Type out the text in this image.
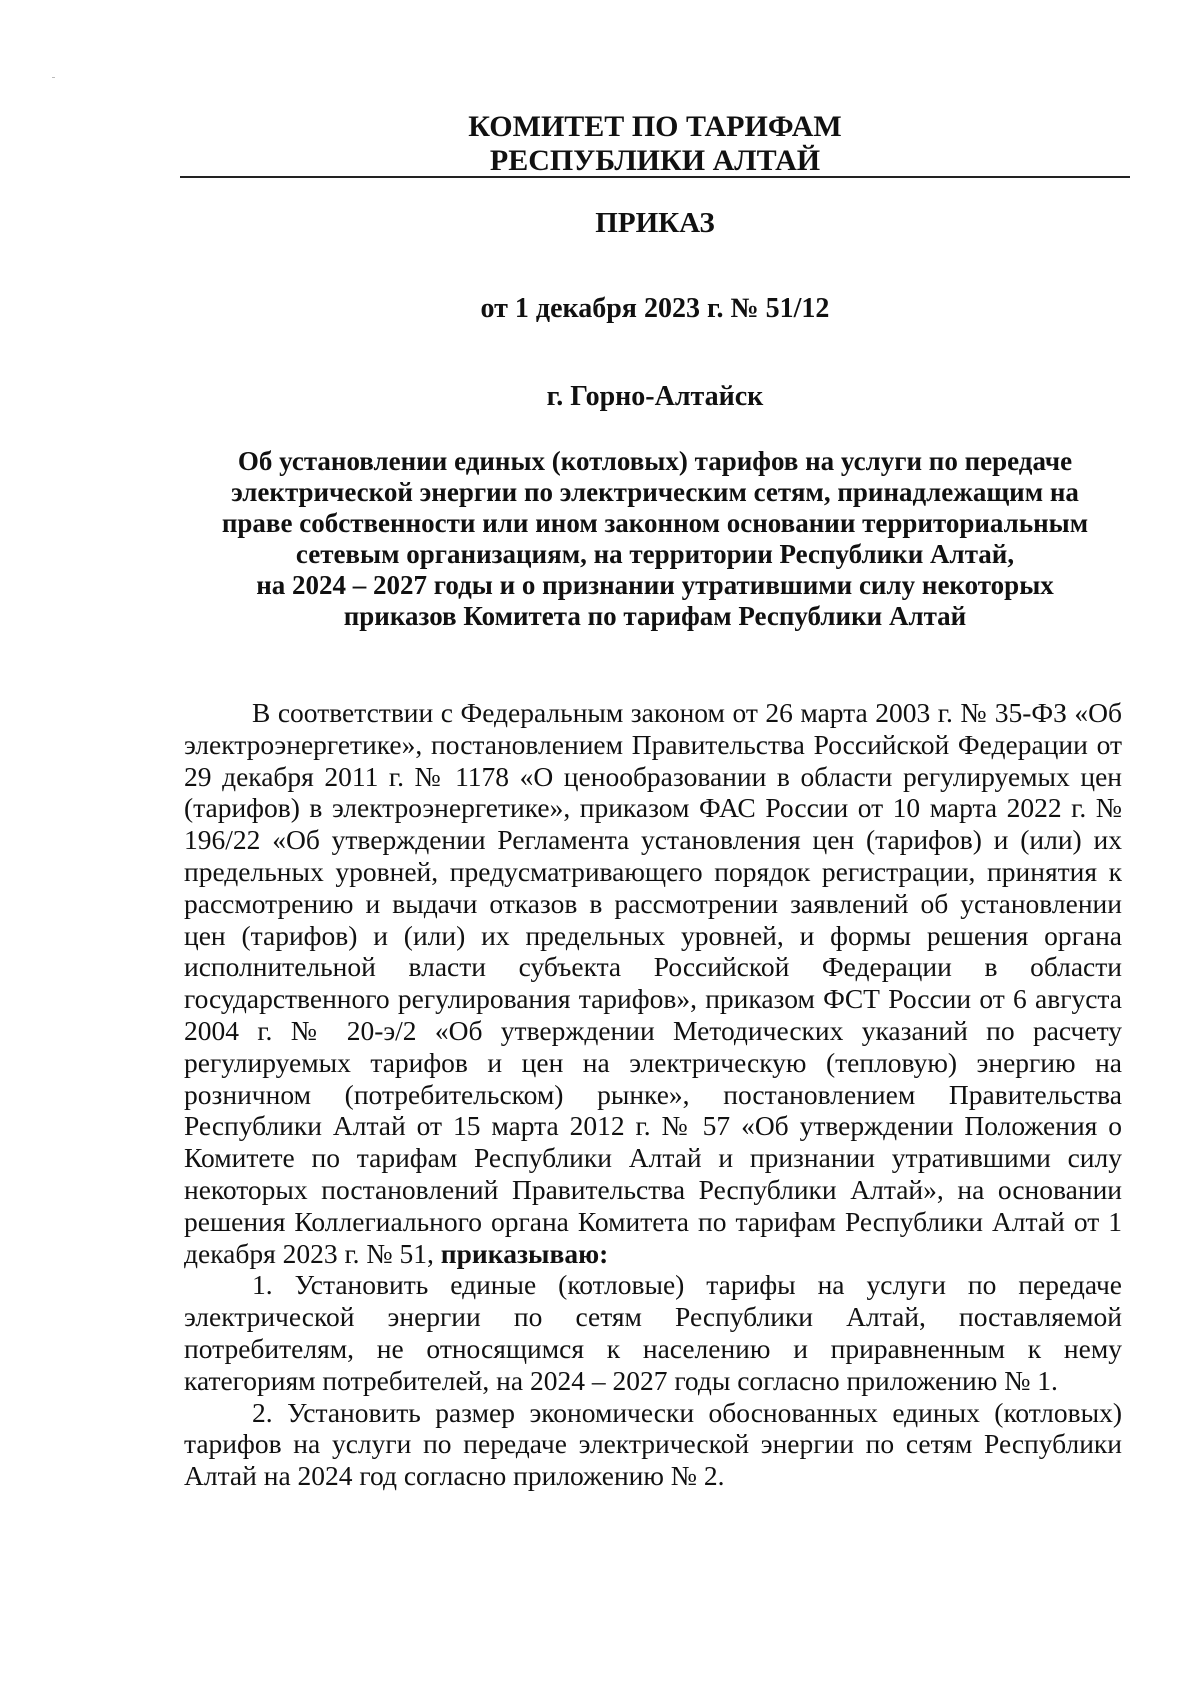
КОМИТЕТ ПО ТАРИФАМ
РЕСПУБЛИКИ АЛТАЙ
ПРИКАЗ
от 1 декабря 2023 г. № 51/12
г. Горно-Алтайск
Об установлении единых (котловых) тарифов на услуги по передаче
электрической энергии по электрическим сетям, принадлежащим на
праве собственности или ином законном основании территориальным
сетевым организациям, на территории Республики Алтай,
на 2024 – 2027 годы и о признании утратившими силу некоторых
приказов Комитета по тарифам Республики Алтай

В соответствии с Федеральным законом от 26 марта 2003 г. № 35-ФЗ «Об электроэнергетике», постановлением Правительства Российской Федерации от 29 декабря 2011 г. № 1178 «О ценообразовании в области регулируемых цен (тарифов) в электроэнергетике», приказом ФАС России от 10 марта 2022 г. № 196/22 «Об утверждении Регламента установления цен (тарифов) и (или) их предельных уровней, предусматривающего порядок регистрации, принятия к рассмотрению и выдачи отказов в рассмотрении заявлений об установлении цен (тарифов) и (или) их предельных уровней, и формы решения органа исполнительной власти субъекта Российской Федерации в области государственного регулирования тарифов», приказом ФСТ России от 6 августа 2004 г. № 20-э/2 «Об утверждении Методических указаний по расчету регулируемых тарифов и цен на электрическую (тепловую) энергию на розничном (потребительском) рынке», постановлением Правительства Республики Алтай от 15 марта 2012 г. № 57 «Об утверждении Положения о Комитете по тарифам Республики Алтай и признании утратившими силу некоторых постановлений Правительства Республики Алтай», на основании решения Коллегиального органа Комитета по тарифам Республики Алтай от 1 декабря 2023 г. № 51, приказываю:

1. Установить единые (котловые) тарифы на услуги по передаче электрической энергии по сетям Республики Алтай, поставляемой потребителям, не относящимся к населению и приравненным к нему категориям потребителей, на 2024 – 2027 годы согласно приложению № 1.

2. Установить размер экономически обоснованных единых (котловых) тарифов на услуги по передаче электрической энергии по сетям Республики Алтай на 2024 год согласно приложению № 2.
